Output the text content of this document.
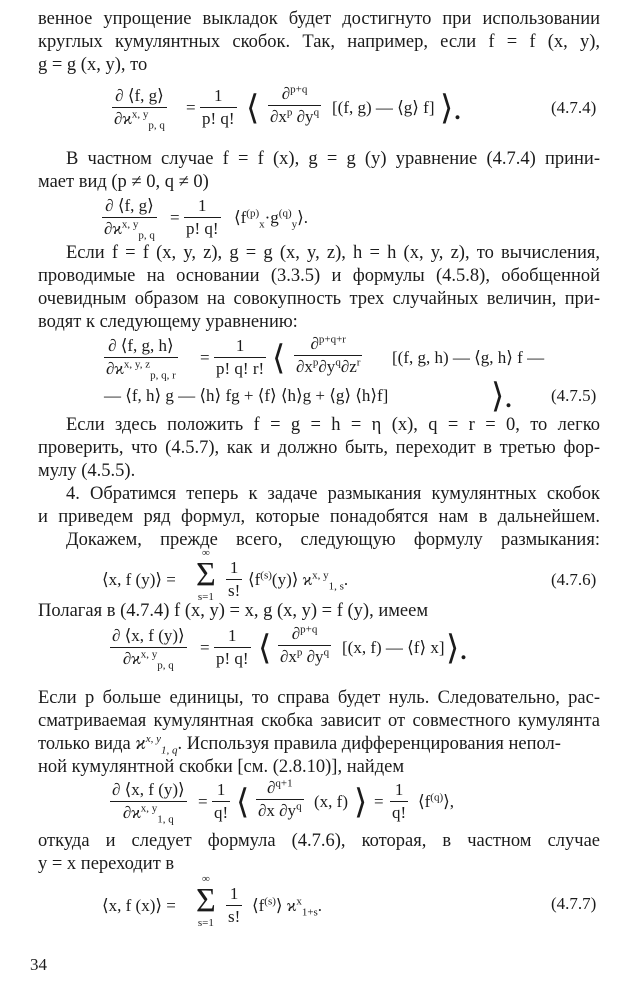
венное упрощение выкладок будет достигнуто при использовании
круглых кумулянтных скобок. Так, например, если f = f (x, y),
g = g (x, y), то
$\frac{\partial ⟨f, g⟩}{\partial ϰ^{x, y}_{p, q}} = \frac{1}{p! q!}$ ⟨ $\frac{\partial^{p+q}}{\partial x^p \partial y^q} [(f$, g) — ⟨g⟩ f] ⟩.	(4.7.4)
В частном случае f = f (x), g = g (y) уравнение (4.7.4) прини-
мает вид (p ≠ 0, q ≠ 0)
$\frac{\partial ⟨f, g⟩}{\partial ϰ^{x, y}_{p, q}} = \frac{1}{p! q!}$ $⟨f^{(p)}_x\cdot g^{(q)}_y⟩$.
Если f = f (x, y, z), g = g (x, y, z), h = h (x, y, z), то вычисления,
проводимые на основании (3.3.5) и формулы (4.5.8), обобщенной
очевидным образом на совокупность трех случайных величин, при-
водят к следующему уравнению:
$\frac{\partial ⟨f, g, h⟩}{\partial ϰ^{x, y, z}_{p, q, r}} = \frac{1}{p! q! r!}$ ⟨ $\frac{\partial^{p+q+r}}{\partial x^p\partial y^q\partial z^r} [(f$, g, h) — ⟨g, h⟩ f —
— ⟨f, h⟩ g — ⟨h⟩ fg + ⟨f⟩ ⟨h⟩g + ⟨g⟩ ⟨h⟩f]	⟩. (4.7.5)
Если здесь положить f = g = h = η (x), q = r = 0, то легко
проверить, что (4.5.7), как и должно быть, переходит в третью фор-
мулу (4.5.5).
4. Обратимся теперь к задаче размыкания кумулянтных скобок
и приведем ряд формул, которые понадобятся нам в дальнейшем.
Докажем, прежде всего, следующую формулу размыкания:
⟨x, f (y)⟩ =
∞
Σ
$s=1 \frac{1}{s!}$ $⟨f^{(s)}(y)⟩$ $ϰ^{x, y}_{1, s}$.	(4.7.6)
Полагая в (4.7.4) f (x, y) = x, g (x, y) = f (y), имеем
$\frac{\partial ⟨x, f (y)⟩}{\partial ϰ^{x, y}_{p, q}} = \frac{1}{p! q!}$ ⟨ $\frac{\partial^{p+q}}{\partial x^p \partial y^q} [(x$, f) — ⟨f⟩ x] ⟩.
Если p больше единицы, то справа будет нуль. Следовательно, рас-
сматриваемая кумулянтная скобка зависит от совместного кумулянта
только вида $ϰ^{x, y}_{1, q}$. Используя правила дифференцирования непол-
ной кумулянтной скобки [см. (2.8.10)], найдем
$\frac{\partial ⟨x, f (y)⟩}{\partial ϰ^{x, y}_{1, q}} = \frac{1}{q!}$ ⟨ $\frac{\partial^{q+1}}{\partial x \partial y^q} (x$, f) ⟩ = $\frac{1}{q!}$ $⟨f^{(q)}⟩$,
откуда и следует формула (4.7.6), которая, в частном случае
y = x переходит в
⟨x, f (x)⟩ =
∞
Σ
$s=1 \frac{1}{s!}$ $⟨f^{(s)}⟩$ $ϰ^x_{1+s}$.	(4.7.7)
34
